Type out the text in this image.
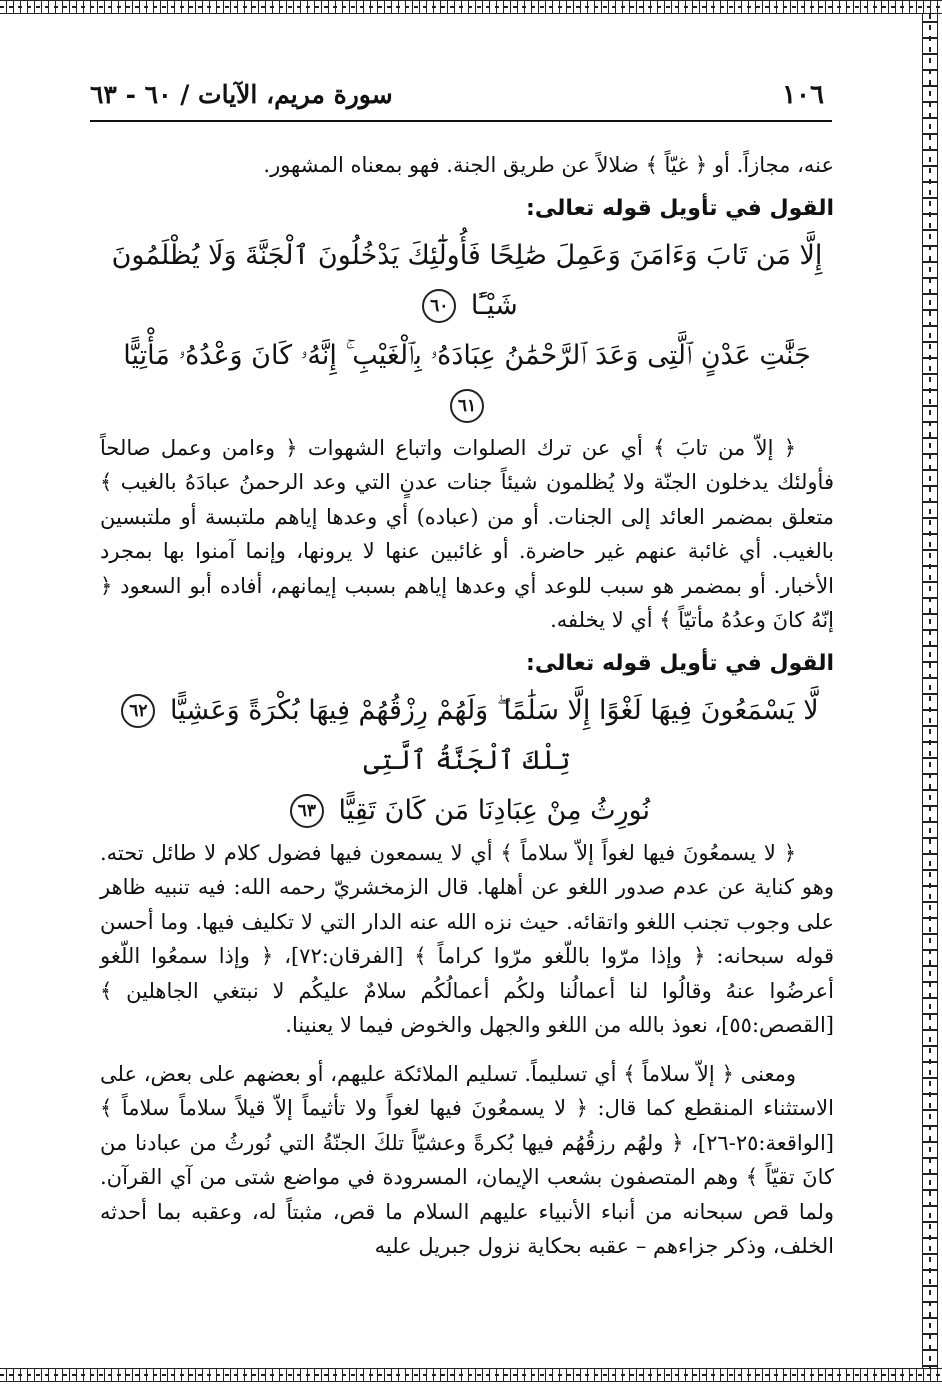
١٠٦
سورة مريم، الآيات / ٦٠ - ٦٣

عنه، مجازاً. أو ﴿ غيّاً ﴾ ضلالاً عن طريق الجنة. فهو بمعناه المشهور.

القول في تأويل قوله تعالى:
إِلَّا مَن تَابَ وَءَامَنَ وَعَمِلَ صَٰلِحًا فَأُولَٰٓئِكَ يَدْخُلُونَ ٱلْجَنَّةَ وَلَا يُظْلَمُونَ شَيْـًٔا ٦٠
جَنَّٰتِ عَدْنٍ ٱلَّتِى وَعَدَ ٱلرَّحْمَٰنُ عِبَادَهُۥ بِٱلْغَيْبِ ۚ إِنَّهُۥ كَانَ وَعْدُهُۥ مَأْتِيًّا ٦١

﴿ إلاّ من تابَ ﴾ أي عن ترك الصلوات واتباع الشهوات ﴿ وءامن وعمل صالحاً فأولئك يدخلون الجنّة ولا يُظلمون شيئاً جنات عدنٍ التي وعد الرحمنُ عبادَهُ بالغيب ﴾ متعلق بمضمر العائد إلى الجنات. أو من (عباده) أي وعدها إياهم ملتبسة أو ملتبسين بالغيب. أي غائبة عنهم غير حاضرة. أو غائبين عنها لا يرونها، وإنما آمنوا بها بمجرد الأخبار. أو بمضمر هو سبب للوعد أي وعدها إياهم بسبب إيمانهم، أفاده أبو السعود ﴿ إنّهُ كانَ وعدُهُ مأتيّاً ﴾ أي لا يخلفه.

القول في تأويل قوله تعالى:
لَّا يَسْمَعُونَ فِيهَا لَغْوًا إِلَّا سَلَٰمًا ۖ وَلَهُمْ رِزْقُهُمْ فِيهَا بُكْرَةً وَعَشِيًّا ٦٢ تِلْكَ ٱلْجَنَّةُ ٱلَّتِى
نُورِثُ مِنْ عِبَادِنَا مَن كَانَ تَقِيًّا ٦٣

﴿ لا يسمعُونَ فيها لغواً إلاّ سلاماً ﴾ أي لا يسمعون فيها فضول كلام لا طائل تحته. وهو كناية عن عدم صدور اللغو عن أهلها. قال الزمخشريّ رحمه الله: فيه تنبيه ظاهر على وجوب تجنب اللغو واتقائه. حيث نزه الله عنه الدار التي لا تكليف فيها. وما أحسن قوله سبحانه: ﴿ وإذا مرّوا باللّغو مرّوا كراماً ﴾ [الفرقان:٧٢]، ﴿ وإذا سمعُوا اللّغو أعرضُوا عنهُ وقالُوا لنا أعمالُنا ولكُم أعمالُكُم سلامٌ عليكُم لا نبتغي الجاهلين ﴾ [القصص:٥٥]، نعوذ بالله من اللغو والجهل والخوض فيما لا يعنينا.

ومعنى ﴿ إلاّ سلاماً ﴾ أي تسليماً. تسليم الملائكة عليهم، أو بعضهم على بعض، على الاستثناء المنقطع كما قال: ﴿ لا يسمعُونَ فيها لغواً ولا تأثيماً إلاّ قيلاً سلاماً سلاماً ﴾ [الواقعة:٢٥-٢٦]، ﴿ ولهُم رزقُهُم فيها بُكرةً وعشيّاً تلكَ الجنّةُ التي نُورثُ من عبادنا من كانَ تقيّاً ﴾ وهم المتصفون بشعب الإيمان، المسرودة في مواضع شتى من آي القرآن. ولما قص سبحانه من أنباء الأنبياء عليهم السلام ما قص، مثبتاً له، وعقبه بما أحدثه الخلف، وذكر جزاءهم – عقبه بحكاية نزول جبريل عليه
